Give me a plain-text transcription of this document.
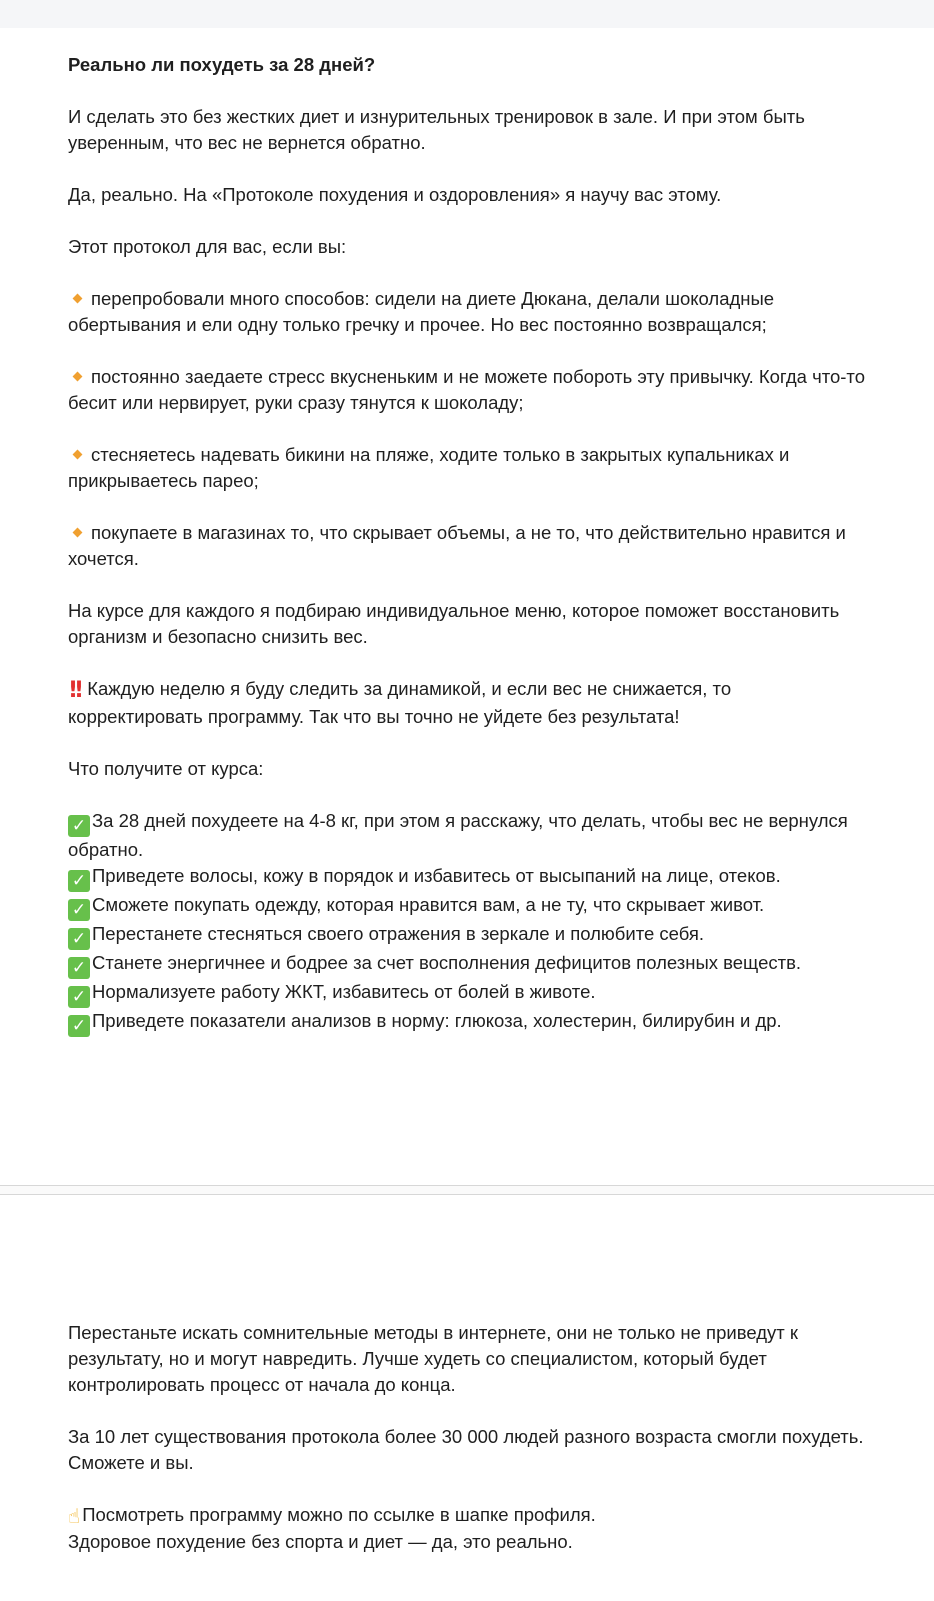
Реально ли похудеть за 28 дней?

И сделать это без жестких диет и изнурительных тренировок в зале. И при этом быть уверенным, что вес не вернется обратно.

Да, реально. На «Протоколе похудения и оздоровления» я научу вас этому.

Этот протокол для вас, если вы:

перепробовали много способов: сидели на диете Дюкана, делали шоколадные обертывания и ели одну только гречку и прочее. Но вес постоянно возвращался;

постоянно заедаете стресс вкусненьким и не можете побороть эту привычку. Когда что-то бесит или нервирует, руки сразу тянутся к шоколаду;

стесняетесь надевать бикини на пляже, ходите только в закрытых купальниках и прикрываетесь парео;

покупаете в магазинах то, что скрывает объемы, а не то, что действительно нравится и хочется.

На курсе для каждого я подбираю индивидуальное меню, которое поможет восстановить организм и безопасно снизить вес.

!! Каждую неделю я буду следить за динамикой, и если вес не снижается, то корректировать программу. Так что вы точно не уйдете без результата!

Что получите от курса:

✓ За 28 дней похудеете на 4-8 кг, при этом я расскажу, что делать, чтобы вес не вернулся обратно.

✓ Приведете волосы, кожу в порядок и избавитесь от высыпаний на лице, отеков.

✓ Сможете покупать одежду, которая нравится вам, а не ту, что скрывает живот.

✓ Перестанете стесняться своего отражения в зеркале и полюбите себя.

✓ Станете энергичнее и бодрее за счет восполнения дефицитов полезных веществ.

✓ Нормализуете работу ЖКТ, избавитесь от болей в животе.

✓ Приведете показатели анализов в норму: глюкоза, холестерин, билирубин и др.

Перестаньте искать сомнительные методы в интернете, они не только не приведут к результату, но и могут навредить. Лучше худеть со специалистом, который будет контролировать процесс от начала до конца.

За 10 лет существования протокола более 30 000 людей разного возраста смогли похудеть. Сможете и вы.

☝ Посмотреть программу можно по ссылке в шапке профиля.

Здоровое похудение без спорта и диет — да, это реально.
